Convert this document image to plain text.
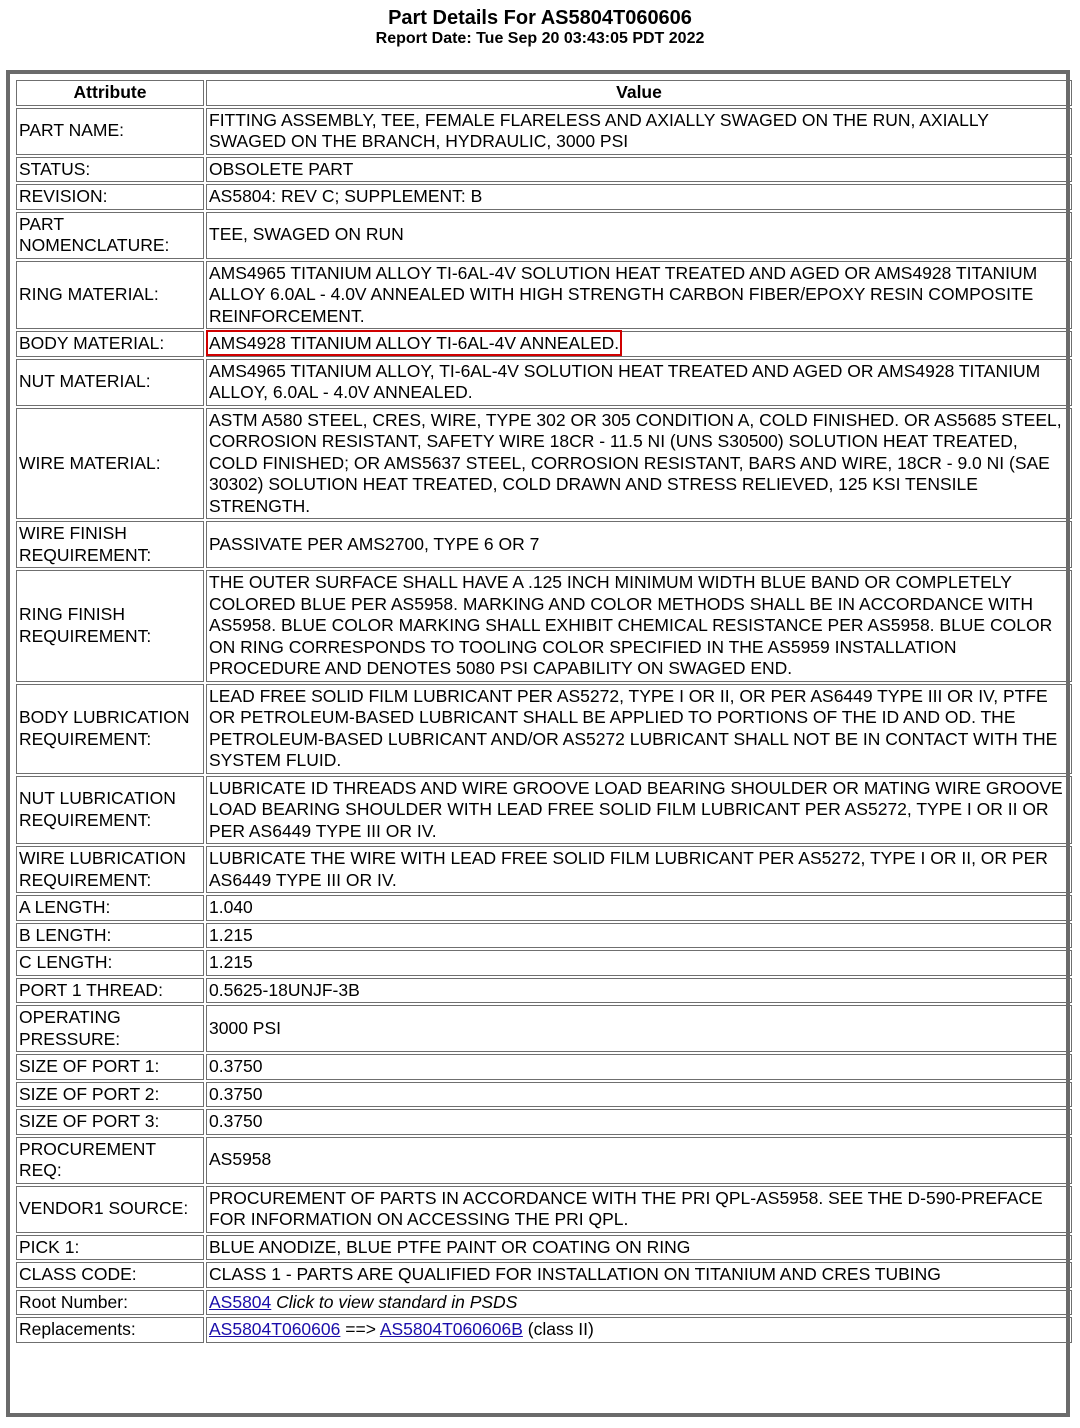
Part Details For AS5804T060606
Report Date: Tue Sep 20 03:43:05 PDT 2022
Attribute	Value
PART NAME:	FITTING ASSEMBLY, TEE, FEMALE FLARELESS AND AXIALLY SWAGED ON THE RUN, AXIALLY SWAGED ON THE BRANCH, HYDRAULIC, 3000 PSI
STATUS:	OBSOLETE PART
REVISION:	AS5804: REV C; SUPPLEMENT: B
PART NOMENCLATURE:	TEE, SWAGED ON RUN
RING MATERIAL:	AMS4965 TITANIUM ALLOY TI-6AL-4V SOLUTION HEAT TREATED AND AGED OR AMS4928 TITANIUM ALLOY 6.0AL - 4.0V ANNEALED WITH HIGH STRENGTH CARBON FIBER/EPOXY RESIN COMPOSITE REINFORCEMENT.
BODY MATERIAL:	AMS4928 TITANIUM ALLOY TI-6AL-4V ANNEALED.
NUT MATERIAL:	AMS4965 TITANIUM ALLOY, TI-6AL-4V SOLUTION HEAT TREATED AND AGED OR AMS4928 TITANIUM ALLOY, 6.0AL - 4.0V ANNEALED.
WIRE MATERIAL:	ASTM A580 STEEL, CRES, WIRE, TYPE 302 OR 305 CONDITION A, COLD FINISHED. OR AS5685 STEEL, CORROSION RESISTANT, SAFETY WIRE 18CR - 11.5 NI (UNS S30500) SOLUTION HEAT TREATED, COLD FINISHED; OR AMS5637 STEEL, CORROSION RESISTANT, BARS AND WIRE, 18CR - 9.0 NI (SAE 30302) SOLUTION HEAT TREATED, COLD DRAWN AND STRESS RELIEVED, 125 KSI TENSILE STRENGTH.
WIRE FINISH REQUIREMENT:	PASSIVATE PER AMS2700, TYPE 6 OR 7
RING FINISH REQUIREMENT:	THE OUTER SURFACE SHALL HAVE A .125 INCH MINIMUM WIDTH BLUE BAND OR COMPLETELY COLORED BLUE PER AS5958. MARKING AND COLOR METHODS SHALL BE IN ACCORDANCE WITH AS5958. BLUE COLOR MARKING SHALL EXHIBIT CHEMICAL RESISTANCE PER AS5958. BLUE COLOR ON RING CORRESPONDS TO TOOLING COLOR SPECIFIED IN THE AS5959 INSTALLATION PROCEDURE AND DENOTES 5080 PSI CAPABILITY ON SWAGED END.
BODY LUBRICATION REQUIREMENT:	LEAD FREE SOLID FILM LUBRICANT PER AS5272, TYPE I OR II, OR PER AS6449 TYPE III OR IV, PTFE OR PETROLEUM-BASED LUBRICANT SHALL BE APPLIED TO PORTIONS OF THE ID AND OD. THE PETROLEUM-BASED LUBRICANT AND/OR AS5272 LUBRICANT SHALL NOT BE IN CONTACT WITH THE SYSTEM FLUID.
NUT LUBRICATION REQUIREMENT:	LUBRICATE ID THREADS AND WIRE GROOVE LOAD BEARING SHOULDER OR MATING WIRE GROOVE LOAD BEARING SHOULDER WITH LEAD FREE SOLID FILM LUBRICANT PER AS5272, TYPE I OR II OR PER AS6449 TYPE III OR IV.
WIRE LUBRICATION REQUIREMENT:	LUBRICATE THE WIRE WITH LEAD FREE SOLID FILM LUBRICANT PER AS5272, TYPE I OR II, OR PER AS6449 TYPE III OR IV.
A LENGTH:	1.040
B LENGTH:	1.215
C LENGTH:	1.215
PORT 1 THREAD:	0.5625-18UNJF-3B
OPERATING PRESSURE:	3000 PSI
SIZE OF PORT 1:	0.3750
SIZE OF PORT 2:	0.3750
SIZE OF PORT 3:	0.3750
PROCUREMENT REQ:	AS5958
VENDOR1 SOURCE:	PROCUREMENT OF PARTS IN ACCORDANCE WITH THE PRI QPL-AS5958. SEE THE D-590-PREFACE FOR INFORMATION ON ACCESSING THE PRI QPL.
PICK 1:	BLUE ANODIZE, BLUE PTFE PAINT OR COATING ON RING
CLASS CODE:	CLASS 1 - PARTS ARE QUALIFIED FOR INSTALLATION ON TITANIUM AND CRES TUBING
Root Number:	AS5804 Click to view standard in PSDS
Replacements:	AS5804T060606 ==> AS5804T060606B (class II)
